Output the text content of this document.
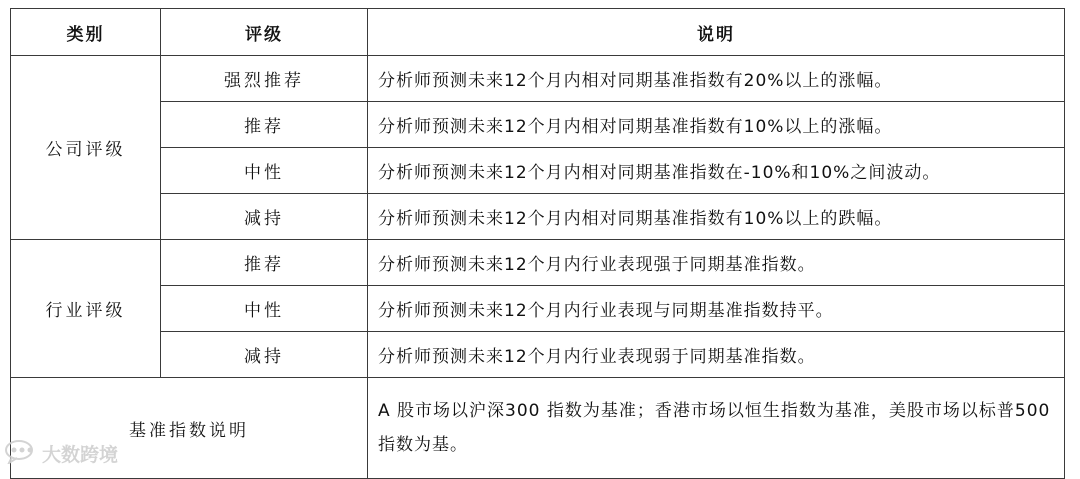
类别	评级	说明
公司评级	强烈推荐	分析师预测未来12个月内相对同期基准指数有20%以上的涨幅。
	推荐	分析师预测未来12个月内相对同期基准指数有10%以上的涨幅。
	中性	分析师预测未来12个月内相对同期基准指数在-10%和10%之间波动。
	减持	分析师预测未来12个月内相对同期基准指数有10%以上的跌幅。
行业评级	推荐	分析师预测未来12个月内行业表现强于同期基准指数。
	中性	分析师预测未来12个月内行业表现与同期基准指数持平。
	减持	分析师预测未来12个月内行业表现弱于同期基准指数。
基准指数说明		A 股市场以沪深300 指数为基准；香港市场以恒生指数为基准，美股市场以标普500指数为基。
大数跨境
